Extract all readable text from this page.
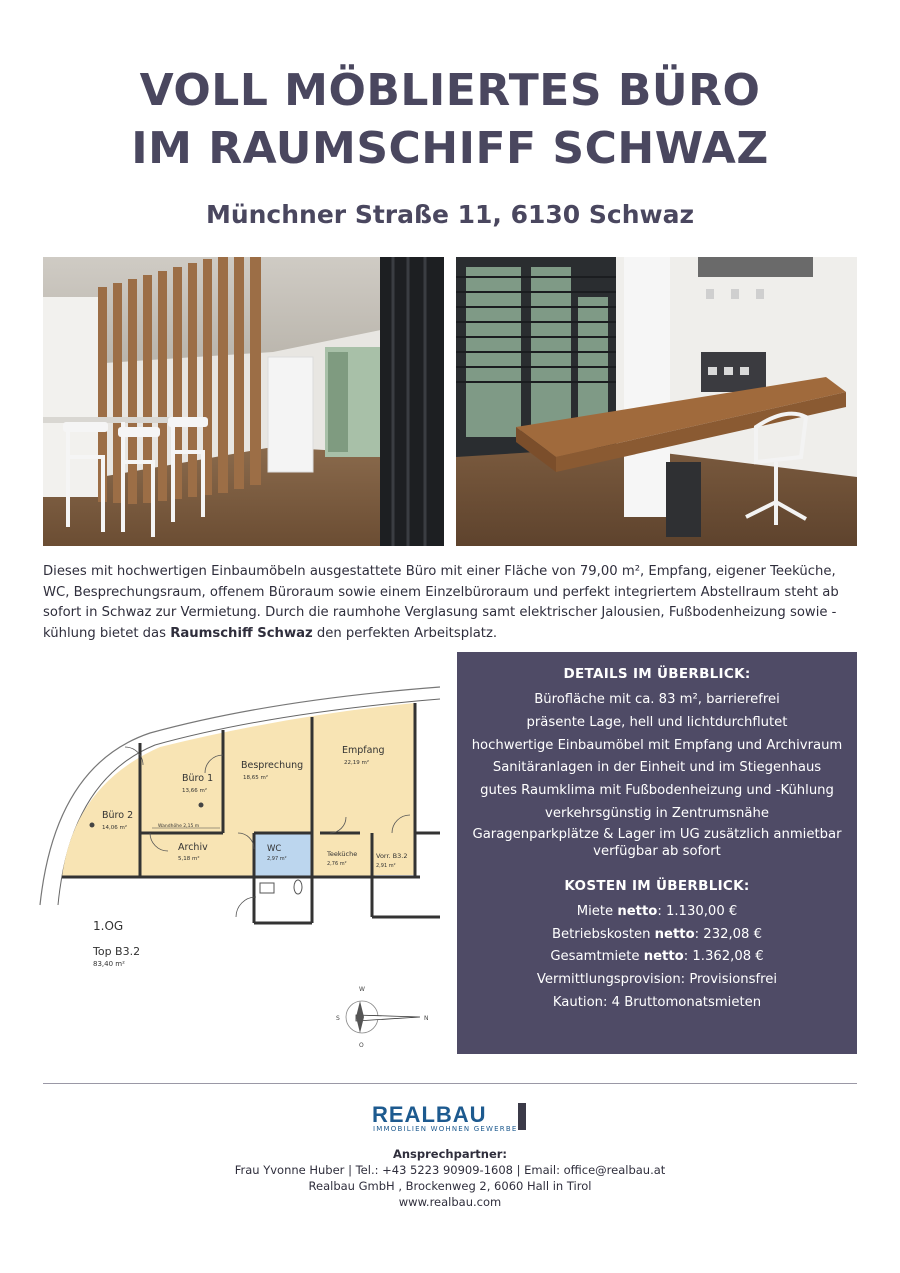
VOLL MÖBLIERTES BÜRO
IM RAUMSCHIFF SCHWAZ
Münchner Straße 11, 6130 Schwaz
Dieses mit hochwertigen Einbaumöbeln ausgestattete Büro mit einer Fläche von 79,00 m², Empfang, eigener Teeküche, WC, Besprechungsraum, offenem Büroraum sowie einem Einzelbüroraum und perfekt integriertem Abstellraum steht ab sofort in Schwaz zur Vermietung. Durch die raumhohe Verglasung samt elektrischer Jalousien, Fußbodenheizung sowie -kühlung bietet das Raumschiff Schwaz den perfekten Arbeitsplatz.
Büro 2
14,06 m²
Büro 1
13,66 m²
Besprechung
18,65 m²
Empfang
22,19 m²
Archiv
5,18 m²
WC
2,97 m²
Teeküche
2,76 m²
Vorr. B3.2
2,91 m²
Wandhöhe 2,15 m
1.OG
Top B3.2
83,40 m²
W
S	N
O
DETAILS IM ÜBERBLICK:
Bürofläche mit ca. 83 m², barrierefrei
präsente Lage, hell und lichtdurchflutet
hochwertige Einbaumöbel mit Empfang und Archivraum
Sanitäranlagen in der Einheit und im Stiegenhaus
gutes Raumklima mit Fußbodenheizung und -Kühlung
verkehrsgünstig in Zentrumsnähe
Garagenparkplätze & Lager im UG zusätzlich anmietbar
verfügbar ab sofort
KOSTEN IM ÜBERBLICK:
Miete netto: 1.130,00 €
Betriebskosten netto: 232,08 €
Gesamtmiete netto: 1.362,08 €
Vermittlungsprovision: Provisionsfrei
Kaution: 4 Bruttomonatsmieten
REALBAU
IMMOBILIEN WOHNEN GEWERBE
Ansprechpartner:
Frau Yvonne Huber | Tel.: +43 5223 90909-1608 | Email: office@realbau.at
Realbau GmbH , Brockenweg 2, 6060 Hall in Tirol
www.realbau.com
